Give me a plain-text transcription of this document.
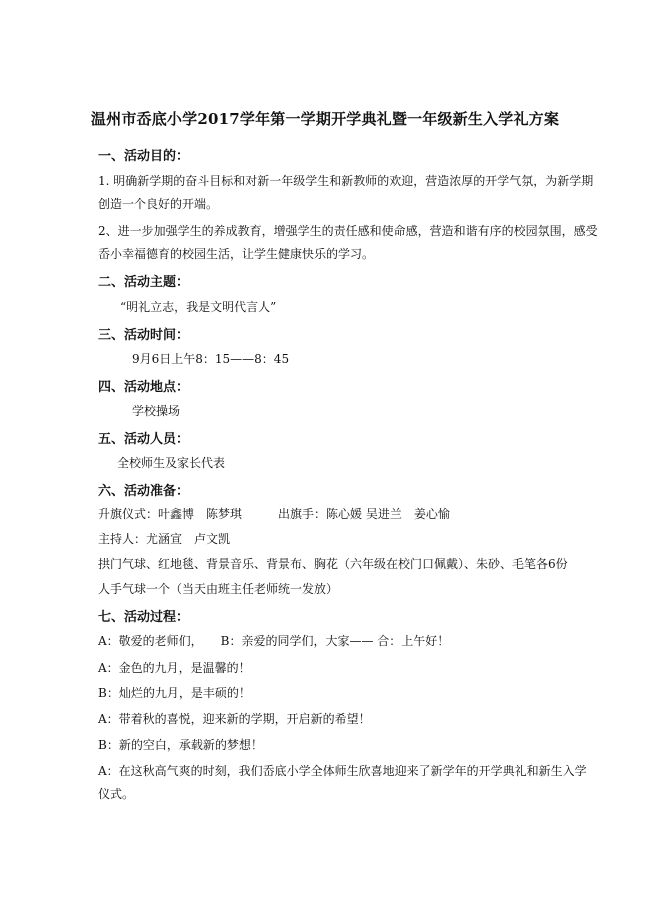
温州市岙底小学2017学年第一学期开学典礼暨一年级新生入学礼方案
一、活动目的：
1. 明确新学期的奋斗目标和对新一年级学生和新教师的欢迎，营造浓厚的开学气氛，为新学期
创造一个良好的开端。
2、进一步加强学生的养成教育，增强学生的责任感和使命感，营造和谐有序的校园氛围，感受
岙小幸福德育的校园生活，让学生健康快乐的学习。
二、活动主题：
“明礼立志，我是文明代言人”
三、活动时间：
9月6日上午8：15——8：45
四、活动地点：
学校操场
五、活动人员：
全校师生及家长代表
六、活动准备：
升旗仪式：叶鑫博　陈梦琪　　　出旗手：陈心媛 吴进兰　姜心愉
主持人：尤涵宣　卢文凯
拱门气球、红地毯、背景音乐、背景布、胸花（六年级在校门口佩戴）、朱砂、毛笔各6份
人手气球一个（当天由班主任老师统一发放）
七、活动过程：
A：敬爱的老师们，　　B：亲爱的同学们，大家—— 合：上午好！
A：金色的九月，是温馨的！
B：灿烂的九月，是丰硕的！
A：带着秋的喜悦，迎来新的学期，开启新的希望！
B：新的空白，承载新的梦想！
A：在这秋高气爽的时刻，我们岙底小学全体师生欣喜地迎来了新学年的开学典礼和新生入学
仪式。
